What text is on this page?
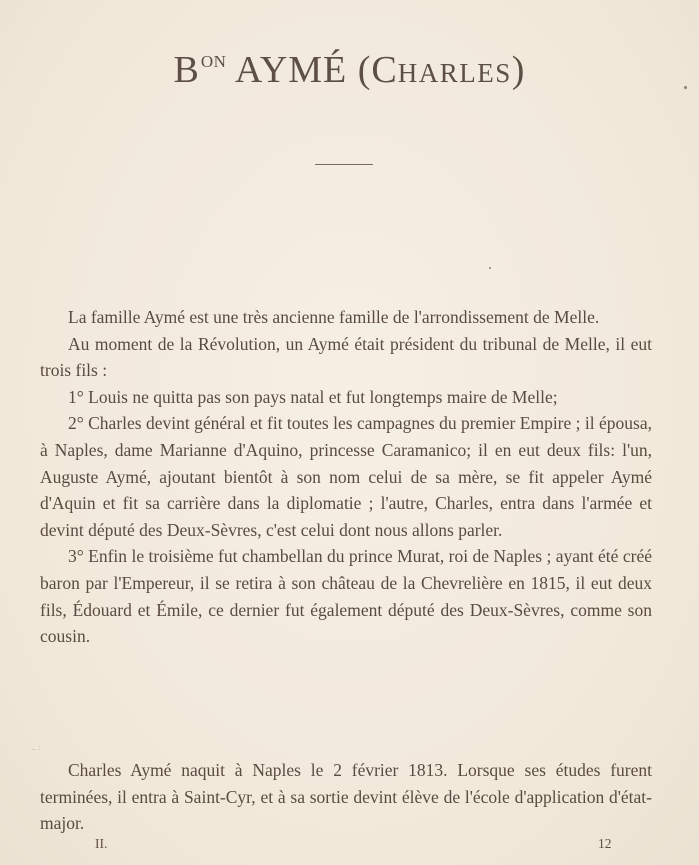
$B^{ON}$ AYMÉ (CHARLES)

La famille Aymé est une très ancienne famille de l'arrondissement de Melle.

Au moment de la Révolution, un Aymé était président du tribunal de Melle, il eut trois fils :

1° Louis ne quitta pas son pays natal et fut longtemps maire de Melle;

2° Charles devint général et fit toutes les campagnes du premier Empire ; il épousa, à Naples, dame Marianne d'Aquino, princesse Caramanico; il en eut deux fils: l'un, Auguste Aymé, ajoutant bientôt à son nom celui de sa mère, se fit appeler Aymé d'Aquin et fit sa carrière dans la diplomatie ; l'autre, Charles, entra dans l'armée et devint député des Deux-Sèvres, c'est celui dont nous allons parler.

3° Enfin le troisième fut chambellan du prince Murat, roi de Naples ; ayant été créé baron par l'Empereur, il se retira à son château de la Chevrelière en 1815, il eut deux fils, Édouard et Émile, ce dernier fut également député des Deux-Sèvres, comme son cousin.

.. :

Charles Aymé naquit à Naples le 2 février 1813. Lorsque ses études furent terminées, il entra à Saint-Cyr, et à sa sortie devint élève de l'école d'application d'état-major.

II.	12
